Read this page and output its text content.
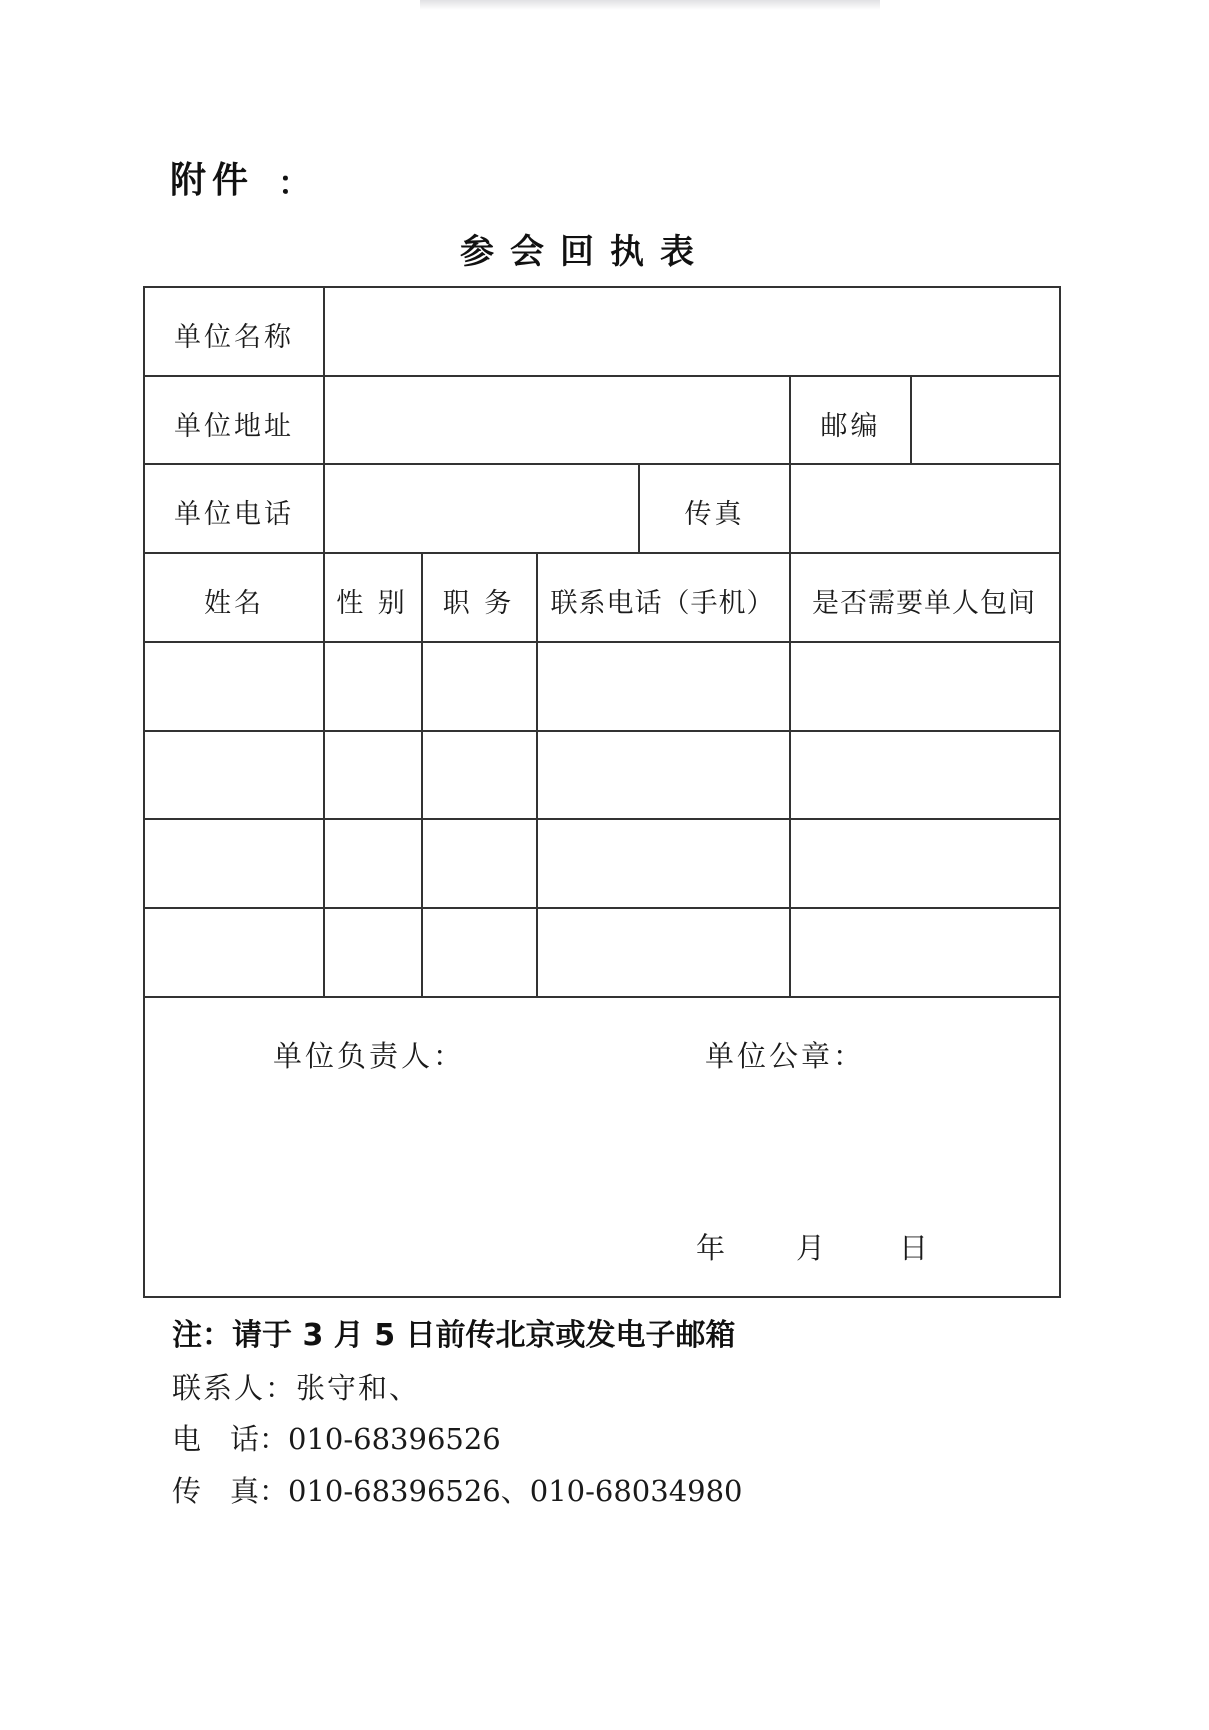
附件 ：
参会回执表
单位名称
单位地址	邮编
单位电话	传真
姓名	性 别	职 务	联系电话（手机）	是否需要单人包间
单位负责人：	单位公章：
年 月 日
注：请于 3 月 5 日前传北京或发电子邮箱
联系人：张守和、
电　话：010-68396526
传　真：010-68396526、010-68034980
